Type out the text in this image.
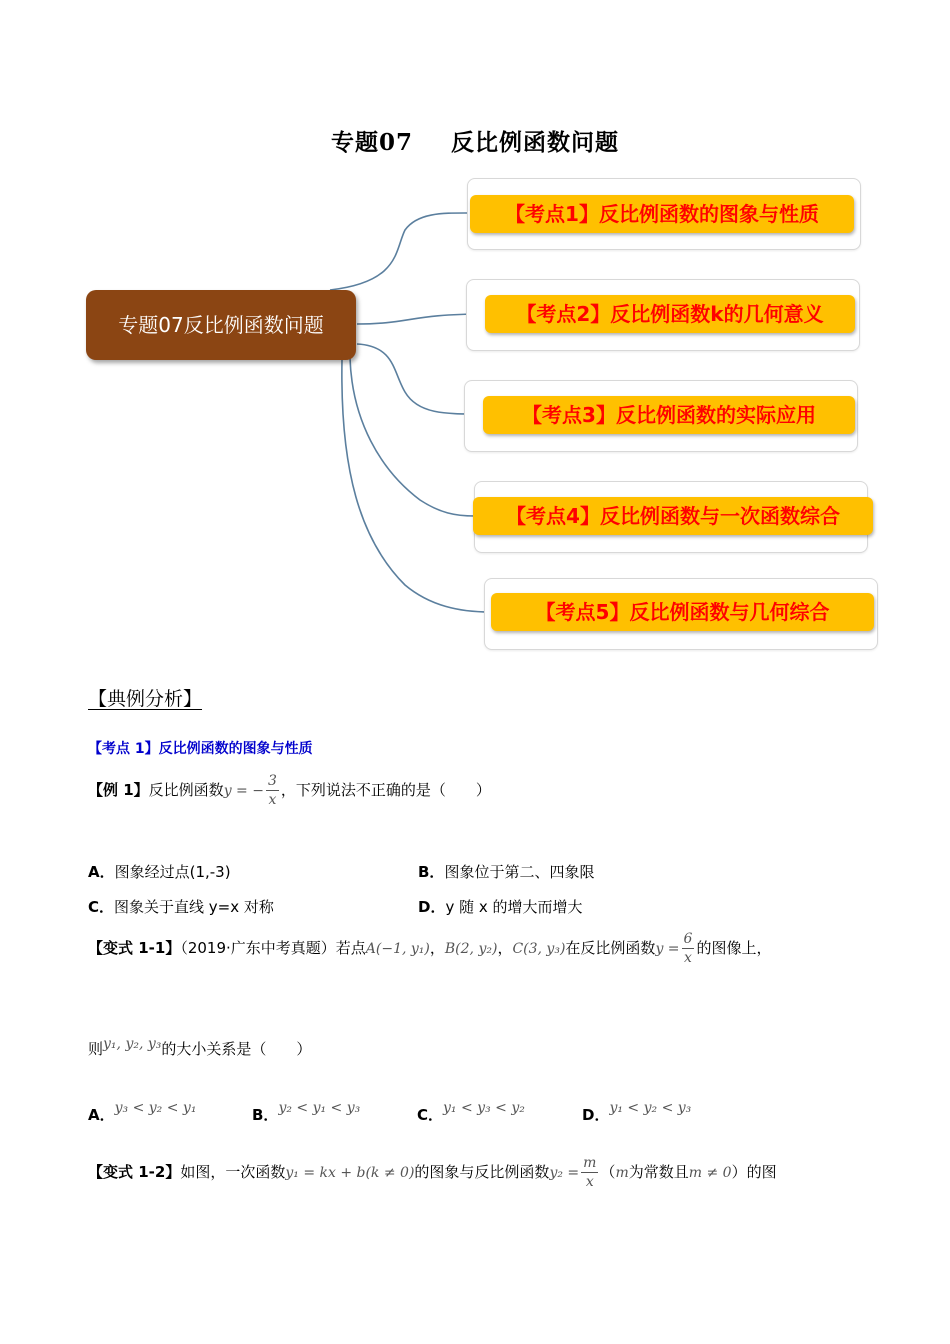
专题07 反比例函数问题
专题07反比例函数问题
【考点1】反比例函数的图象与性质
【考点2】反比例函数k的几何意义
【考点3】反比例函数的实际应用
【考点4】反比例函数与一次函数综合
【考点5】反比例函数与几何综合
【典例分析】
【考点 1】反比例函数的图象与性质
【例 1】反比例函数y = − $\frac{3}{x}$ ，下列说法不正确的是（　　）
A．图象经过点(1,-3)	B．图象位于第二、四象限
C．图象关于直线 y=x 对称	D．y 随 x 的增大而增大
【变式 1-1】（2019·广东中考真题）若点A(−1, y₁)，B(2, y₂)，C(3, y₃)在反比例函数$y = \frac{6}{x}$ 的图像上，
则y₁, y₂, y₃的大小关系是（　　）
A．y₃ < y₂ < y₁	B．y₂ < y₁ < y₃	C．y₁ < y₃ < y₂	D．y₁ < y₂ < y₃
【变式 1-2】如图，一次函数y₁ = kx + b(k ≠ 0)的图象与反比例函数$y_2 = \frac{m}{x} (m$为常数且m ≠ 0）的图
